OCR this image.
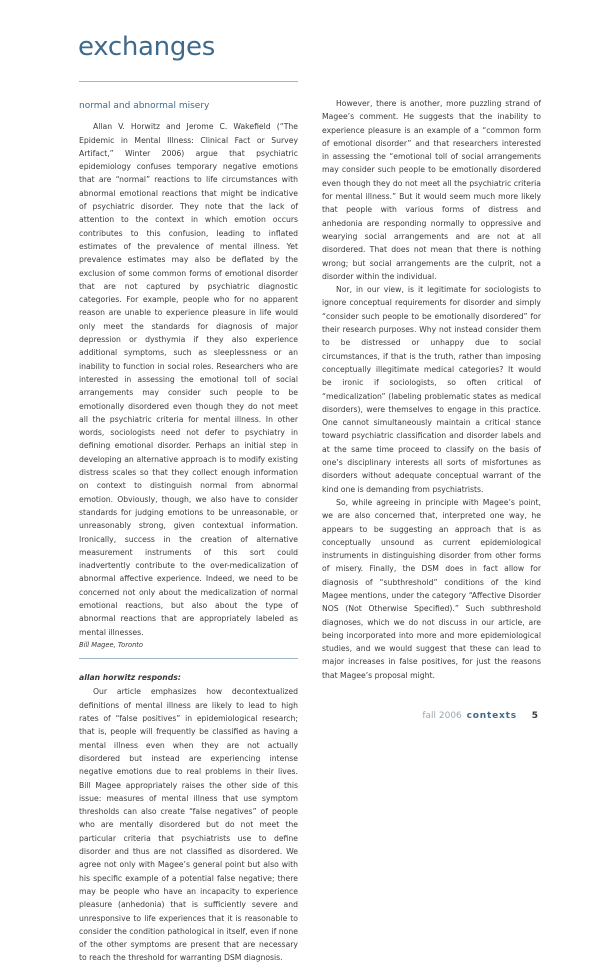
exchanges
normal and abnormal misery

Allan V. Horwitz and Jerome C. Wakefield (“The Epidemic in Mental Illness: Clinical Fact or Survey Artifact,” Winter 2006) argue that psychiatric epidemiology confuses temporary negative emotions that are “normal” reactions to life circumstances with abnormal emotional reactions that might be indicative of psychiatric disorder. They note that the lack of attention to the context in which emotion occurs contributes to this confusion, leading to inflated estimates of the prevalence of mental illness. Yet prevalence estimates may also be deflated by the exclusion of some common forms of emotional disorder that are not captured by psychiatric diagnostic categories. For example, people who for no apparent reason are unable to experience pleasure in life would only meet the standards for diagnosis of major depression or dysthymia if they also experience additional symptoms, such as sleeplessness or an inability to function in social roles. Researchers who are interested in assessing the emotional toll of social arrangements may consider such people to be emotionally disordered even though they do not meet all the psychiatric criteria for mental illness. In other words, sociologists need not defer to psychiatry in defining emotional disorder. Perhaps an initial step in developing an alternative approach is to modify existing distress scales so that they collect enough information on context to distinguish normal from abnormal emotion. Obviously, though, we also have to consider standards for judging emotions to be unreasonable, or unreasonably strong, given contextual information. Ironically, success in the creation of alternative measurement instruments of this sort could inadvertently contribute to the over-medicalization of abnormal affective experience. Indeed, we need to be concerned not only about the medicalization of normal emotional reactions, but also about the type of abnormal reactions that are appropriately labeled as mental illnesses.

Bill Magee, Toronto

allan horwitz responds:

Our article emphasizes how decontextualized definitions of mental illness are likely to lead to high rates of “false positives” in epidemiological research; that is, people will frequently be classified as having a mental illness even when they are not actually disordered but instead are experiencing intense negative emotions due to real problems in their lives. Bill Magee appropriately raises the other side of this issue: measures of mental illness that use symptom thresholds can also create “false negatives” of people who are mentally disordered but do not meet the particular criteria that psychiatrists use to define disorder and thus are not classified as disordered. We agree not only with Magee’s general point but also with his specific example of a potential false negative; there may be people who have an incapacity to experience pleasure (anhedonia) that is sufficiently severe and unresponsive to life experiences that it is reasonable to consider the condition pathological in itself, even if none of the other symptoms are present that are necessary to reach the threshold for warranting DSM diagnosis.

However, there is another, more puzzling strand of Magee’s comment. He suggests that the inability to experience pleasure is an example of a “common form of emotional disorder” and that researchers interested in assessing the “emotional toll of social arrangements may consider such people to be emotionally disordered even though they do not meet all the psychiatric criteria for mental illness.” But it would seem much more likely that people with various forms of distress and anhedonia are responding normally to oppressive and wearying social arrangements and are not at all disordered. That does not mean that there is nothing wrong; but social arrangements are the culprit, not a disorder within the individual.

Nor, in our view, is it legitimate for sociologists to ignore conceptual requirements for disorder and simply “consider such people to be emotionally disordered” for their research purposes. Why not instead consider them to be distressed or unhappy due to social circumstances, if that is the truth, rather than imposing conceptually illegitimate medical categories? It would be ironic if sociologists, so often critical of “medicalization” (labeling problematic states as medical disorders), were themselves to engage in this practice. One cannot simultaneously maintain a critical stance toward psychiatric classification and disorder labels and at the same time proceed to classify on the basis of one’s disciplinary interests all sorts of misfortunes as disorders without adequate conceptual warrant of the kind one is demanding from psychiatrists.

So, while agreeing in principle with Magee’s point, we are also concerned that, interpreted one way, he appears to be suggesting an approach that is as conceptually unsound as current epidemiological instruments in distinguishing disorder from other forms of misery. Finally, the DSM does in fact allow for diagnosis of “subthreshold” conditions of the kind Magee mentions, under the category “Affective Disorder NOS (Not Otherwise Specified).” Such subthreshold diagnoses, which we do not discuss in our article, are being incorporated into more and more epidemiological studies, and we would suggest that these can lead to major increases in false positives, for just the reasons that Magee’s proposal might.

fall 2006 contexts 5
